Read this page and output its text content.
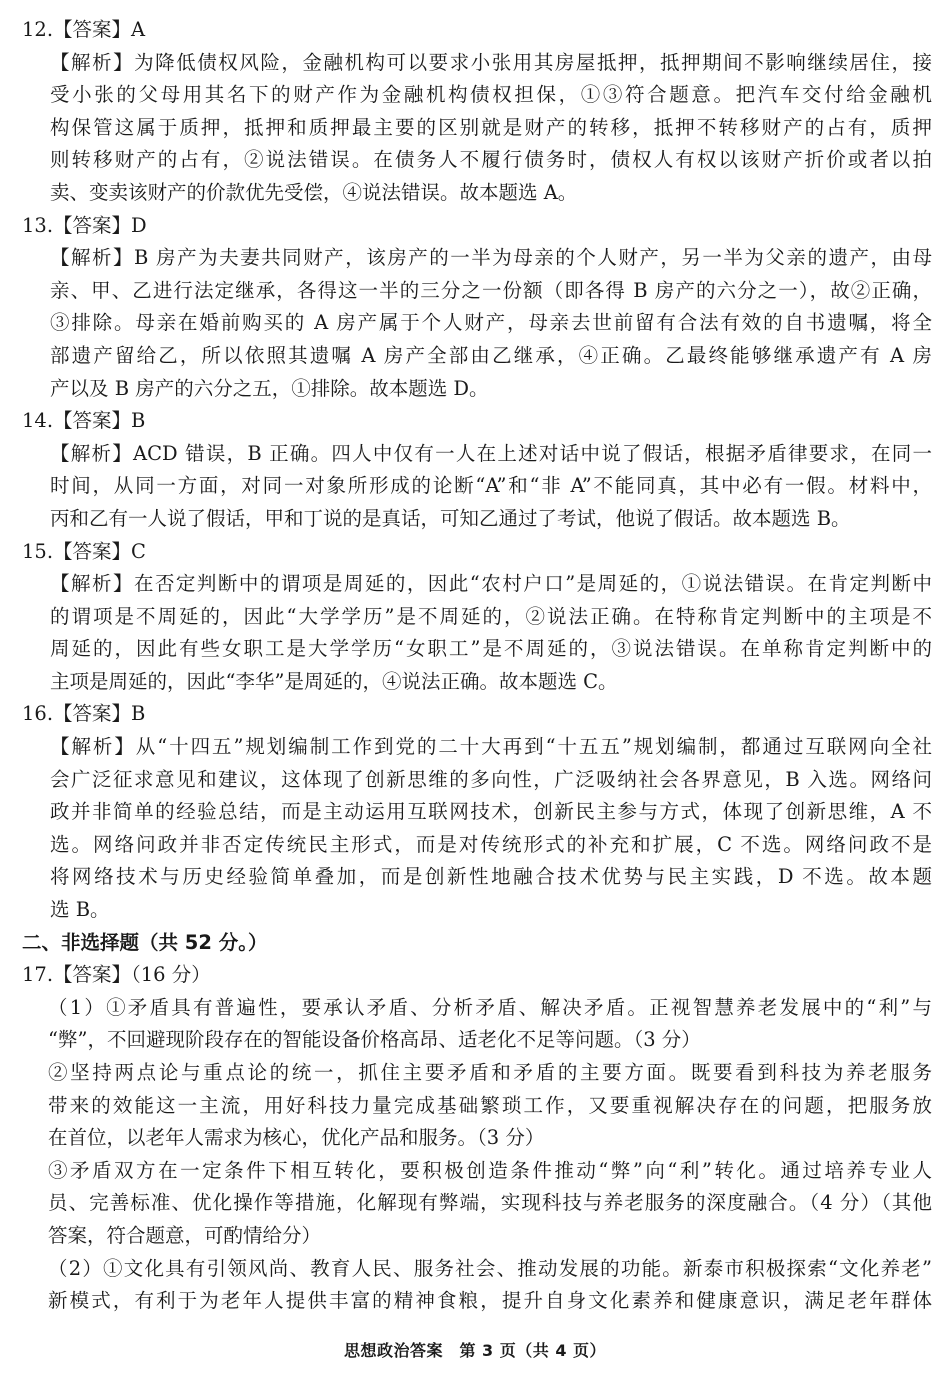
12.【答案】A
【解析】为降低债权风险，金融机构可以要求小张用其房屋抵押，抵押期间不影响继续居住，接
受小张的父母用其名下的财产作为金融机构债权担保，①③符合题意。把汽车交付给金融机
构保管这属于质押，抵押和质押最主要的区别就是财产的转移，抵押不转移财产的占有，质押
则转移财产的占有，②说法错误。在债务人不履行债务时，债权人有权以该财产折价或者以拍
卖、变卖该财产的价款优先受偿，④说法错误。故本题选 A。
13.【答案】D
【解析】B 房产为夫妻共同财产，该房产的一半为母亲的个人财产，另一半为父亲的遗产，由母
亲、甲、乙进行法定继承，各得这一半的三分之一份额（即各得 B 房产的六分之一），故②正确，
③排除。母亲在婚前购买的 A 房产属于个人财产，母亲去世前留有合法有效的自书遗嘱，将全
部遗产留给乙，所以依照其遗嘱 A 房产全部由乙继承，④正确。乙最终能够继承遗产有 A 房
产以及 B 房产的六分之五，①排除。故本题选 D。
14.【答案】B
【解析】ACD 错误，B 正确。四人中仅有一人在上述对话中说了假话，根据矛盾律要求，在同一
时间，从同一方面，对同一对象所形成的论断“A”和“非 A”不能同真，其中必有一假。材料中，
丙和乙有一人说了假话，甲和丁说的是真话，可知乙通过了考试，他说了假话。故本题选 B。
15.【答案】C
【解析】在否定判断中的谓项是周延的，因此“农村户口”是周延的，①说法错误。在肯定判断中
的谓项是不周延的，因此“大学学历”是不周延的，②说法正确。在特称肯定判断中的主项是不
周延的，因此有些女职工是大学学历“女职工”是不周延的，③说法错误。在单称肯定判断中的
主项是周延的，因此“李华”是周延的，④说法正确。故本题选 C。
16.【答案】B
【解析】从“十四五”规划编制工作到党的二十大再到“十五五”规划编制，都通过互联网向全社
会广泛征求意见和建议，这体现了创新思维的多向性，广泛吸纳社会各界意见，B 入选。网络问
政并非简单的经验总结，而是主动运用互联网技术，创新民主参与方式，体现了创新思维，A 不
选。网络问政并非否定传统民主形式，而是对传统形式的补充和扩展，C 不选。网络问政不是
将网络技术与历史经验简单叠加，而是创新性地融合技术优势与民主实践，D 不选。故本题
选 B。
二、非选择题（共 52 分。）
17.【答案】（16 分）
（1）①矛盾具有普遍性，要承认矛盾、分析矛盾、解决矛盾。正视智慧养老发展中的“利”与
“弊”，不回避现阶段存在的智能设备价格高昂、适老化不足等问题。（3 分）
②坚持两点论与重点论的统一，抓住主要矛盾和矛盾的主要方面。既要看到科技为养老服务
带来的效能这一主流，用好科技力量完成基础繁琐工作，又要重视解决存在的问题，把服务放
在首位，以老年人需求为核心，优化产品和服务。（3 分）
③矛盾双方在一定条件下相互转化，要积极创造条件推动“弊”向“利”转化。通过培养专业人
员、完善标准、优化操作等措施，化解现有弊端，实现科技与养老服务的深度融合。（4 分）（其他
答案，符合题意，可酌情给分）
（2）①文化具有引领风尚、教育人民、服务社会、推动发展的功能。新泰市积极探索“文化养老”
新模式，有利于为老年人提供丰富的精神食粮，提升自身文化素养和健康意识，满足老年群体
思想政治答案　第 3 页（共 4 页）
